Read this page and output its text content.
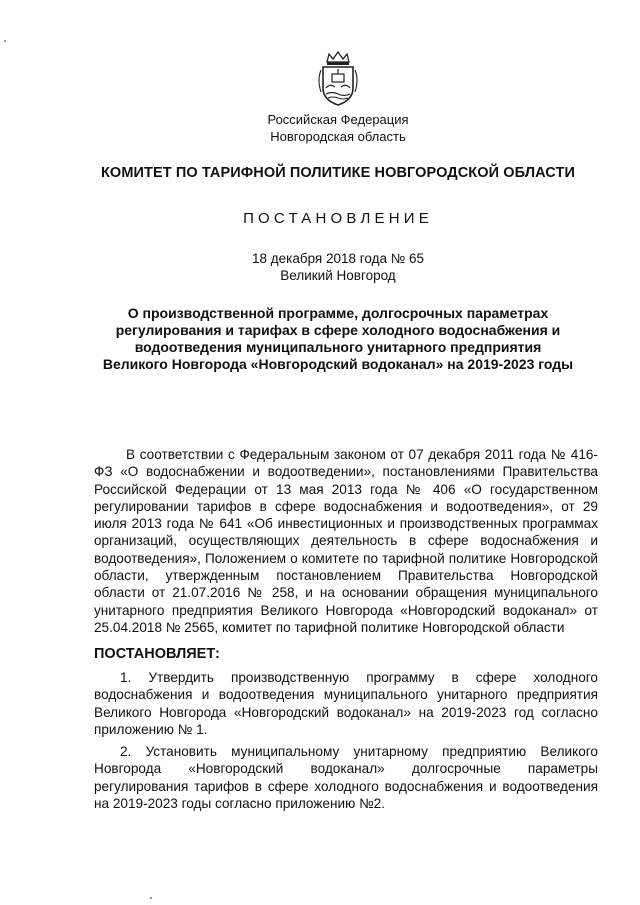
Российская Федерация
Новгородская область
КОМИТЕТ ПО ТАРИФНОЙ ПОЛИТИКЕ НОВГОРОДСКОЙ ОБЛАСТИ
ПОСТАНОВЛЕНИЕ
18 декабря 2018 года № 65
Великий Новгород
О производственной программе, долгосрочных параметрах регулирования и тарифах в сфере холодного водоснабжения и водоотведения муниципального унитарного предприятия Великого Новгорода «Новгородский водоканал» на 2019-2023 годы
В соответствии с Федеральным законом от 07 декабря 2011 года № 416-ФЗ «О водоснабжении и водоотведении», постановлениями Правительства Российской Федерации от 13 мая 2013 года № 406 «О государственном регулировании тарифов в сфере водоснабжения и водоотведения», от 29 июля 2013 года № 641 «Об инвестиционных и производственных программах организаций, осуществляющих деятельность в сфере водоснабжения и водоотведения», Положением о комитете по тарифной политике Новгородской области, утвержденным постановлением Правительства Новгородской области от 21.07.2016 № 258, и на основании обращения муниципального унитарного предприятия Великого Новгорода «Новгородский водоканал» от 25.04.2018 № 2565, комитет по тарифной политике Новгородской области
ПОСТАНОВЛЯЕТ:
1. Утвердить производственную программу в сфере холодного водоснабжения и водоотведения муниципального унитарного предприятия Великого Новгорода «Новгородский водоканал» на 2019-2023 год согласно приложению № 1.
2. Установить муниципальному унитарному предприятию Великого Новгорода «Новгородский водоканал» долгосрочные параметры регулирования тарифов в сфере холодного водоснабжения и водоотведения на 2019-2023 годы согласно приложению №2.
